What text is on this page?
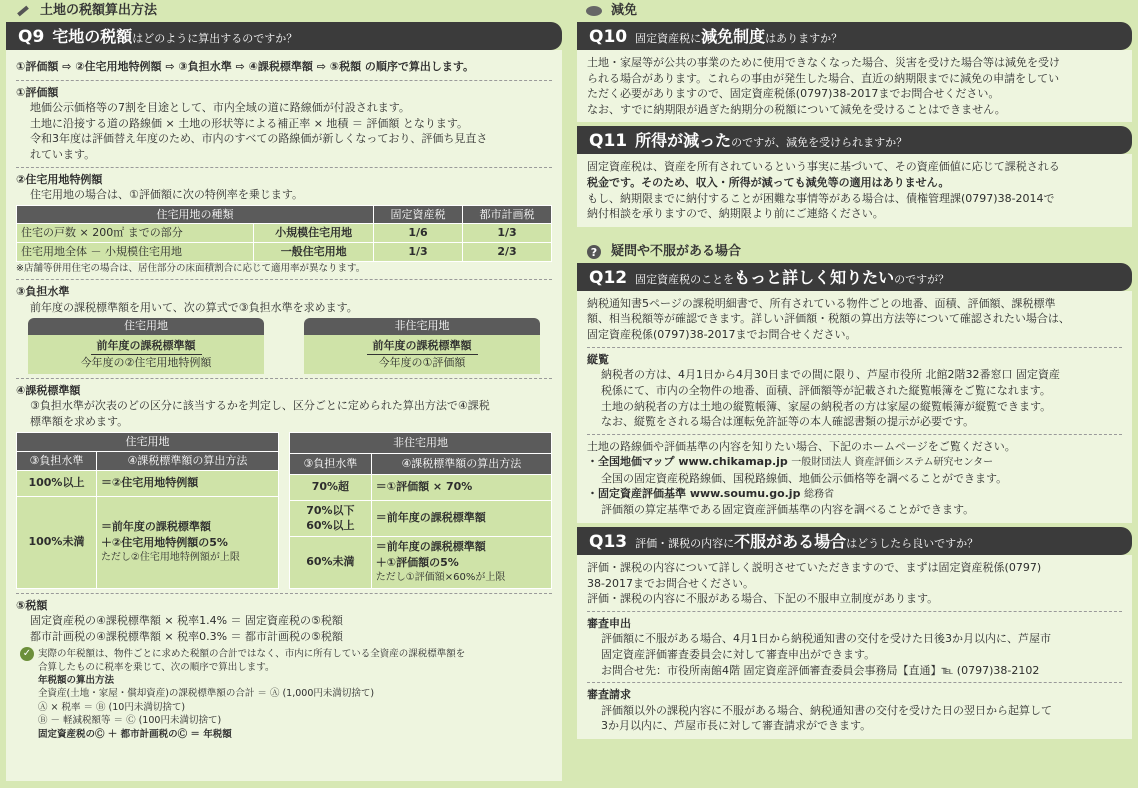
土地の税額算出方法
Q9 宅地の税額 はどのように算出するのですか？
①評価額 ⇨ ②住宅用地特例額 ⇨ ③負担水準 ⇨ ④課税標準額 ⇨ ⑤税額 の順序で算出します。
①評価額
地価公示価格等の7割を目途として、市内全域の道に路線価が付設されます。
土地に沿接する道の路線価 × 土地の形状等による補正率 × 地積 ＝ 評価額 となります。
令和3年度は評価替え年度のため、市内のすべての路線価が新しくなっており、評価ち見直さ
れています。
②住宅用地特例額
住宅用地の場合は、①評価額に次の特例率を乗じます。
住宅用地の種類		固定資産税	都市計画税
住宅の戸数 × 200㎡ までの部分	小規模住宅用地	1/6	1/3
住宅用地全体 － 小規模住宅用地	一般住宅用地	1/3	2/3
※店舗等併用住宅の場合は、居住部分の床面積割合に応じて適用率が異なります。
③負担水準
前年度の課税標準額を用いて、次の算式で③負担水準を求めます。
住宅用地
前年度の課税標準額
今年度の②住宅用地特例額
非住宅用地
前年度の課税標準額
今年度の①評価額
④課税標準額
③負担水準が次表のどの区分に該当するかを判定し、区分ごとに定められた算出方法で④課税
標準額を求めます。
住宅用地	
③負担水準	④課税標準額の算出方法
100%以上	＝②住宅用地特例額
100%未満	＝前年度の課税標準額
＋②住宅用地特例額の5%
ただし②住宅用地特例額が上限
非住宅用地	
③負担水準	④課税標準額の算出方法
70%超	＝①評価額 × 70%

70%以下
60%以上	＝前年度の課税標準額
60%未満	＝前年度の課税標準額
＋①評価額の5%
ただし①評価額×60%が上限
⑤税額
固定資産税の④課税標準額 × 税率1.4% ＝ 固定資産税の⑤税額
都市計画税の④課税標準額 × 税率0.3% ＝ 都市計画税の⑤税額
✓ 実際の年税額は、物件ごとに求めた税額の合計ではなく、市内に所有している全資産の課税標準額を
合算したものに税率を乗じて、次の順序で算出します。
年税額の算出方法
全資産(土地・家屋・償却資産)の課税標準額の合計 ＝ Ⓐ (1,000円未満切捨て)
Ⓐ × 税率 ＝ Ⓑ (10円未満切捨て)
Ⓑ － 軽減税額等 ＝ Ⓒ (100円未満切捨て)
固定資産税のⒸ ＋ 都市計画税のⒸ ＝ 年税額
減免
Q10 固定資産税に 減免制度 はありますか？
土地・家屋等が公共の事業のために使用できなくなった場合、災害を受けた場合等は減免を受け
られる場合があります。これらの事由が発生した場合、直近の納期限までに減免の申請をしてい
ただく必要がありますので、固定資産税係(0797)38-2017までお問合せください。
なお、すでに納期限が過ぎた納期分の税額について減免を受けることはできません。
Q11 所得が減った のですが、減免を受けられますか？
固定資産税は、資産を所有されているという事実に基づいて、その資産価値に応じて課税される
税金です。そのため、収入・所得が減っても減免等の適用はありません。
もし、納期限までに納付することが困難な事情等がある場合は、債権管理課(0797)38-2014で
納付相談を承りますので、納期限より前にご連絡ください。
? 疑問や不服がある場合
Q12 固定資産税のことを もっと詳しく知りたい のですが？
納税通知書5ページの課税明細書で、所有されている物件ごとの地番、面積、評価額、課税標準
額、相当税額等が確認できます。詳しい評価額・税額の算出方法等について確認されたい場合は、
固定資産税係(0797)38-2017までお問合せください。
縦覧
納税者の方は、4月1日から4月30日までの間に限り、芦屋市役所 北館2階32番窓口 固定資産
税係にて、市内の全物件の地番、面積、評価額等が記載された縦覧帳簿をご覧になれます。
土地の納税者の方は土地の縦覧帳簿、家屋の納税者の方は家屋の縦覧帳簿が縦覧できます。
なお、縦覧をされる場合は運転免許証等の本人確認書類の提示が必要です。
土地の路線価や評価基準の内容を知りたい場合、下記のホームページをご覧ください。
・全国地価マップ www.chikamap.jp 一般財団法人 資産評価システム研究センター
全国の固定資産税路線価、国税路線価、地価公示価格等を調べることができます。
・固定資産評価基準 www.soumu.go.jp 総務省
評価額の算定基準である固定資産評価基準の内容を調べることができます。
Q13 評価・課税の内容に 不服がある場合 はどうしたら良いですか？
評価・課税の内容について詳しく説明させていただきますので、まずは固定資産税係(0797)
38-2017までお問合せください。
評価・課税の内容に不服がある場合、下記の不服申立制度があります。
審査申出
評価額に不服がある場合、4月1日から納税通知書の交付を受けた日後3か月以内に、芦屋市
固定資産評価審査委員会に対して審査申出ができます。
お問合せ先：市役所南館4階 固定資産評価審査委員会事務局【直通】℡ (0797)38-2102
審査請求
評価額以外の課税内容に不服がある場合、納税通知書の交付を受けた日の翌日から起算して
3か月以内に、芦屋市長に対して審査請求ができます。
